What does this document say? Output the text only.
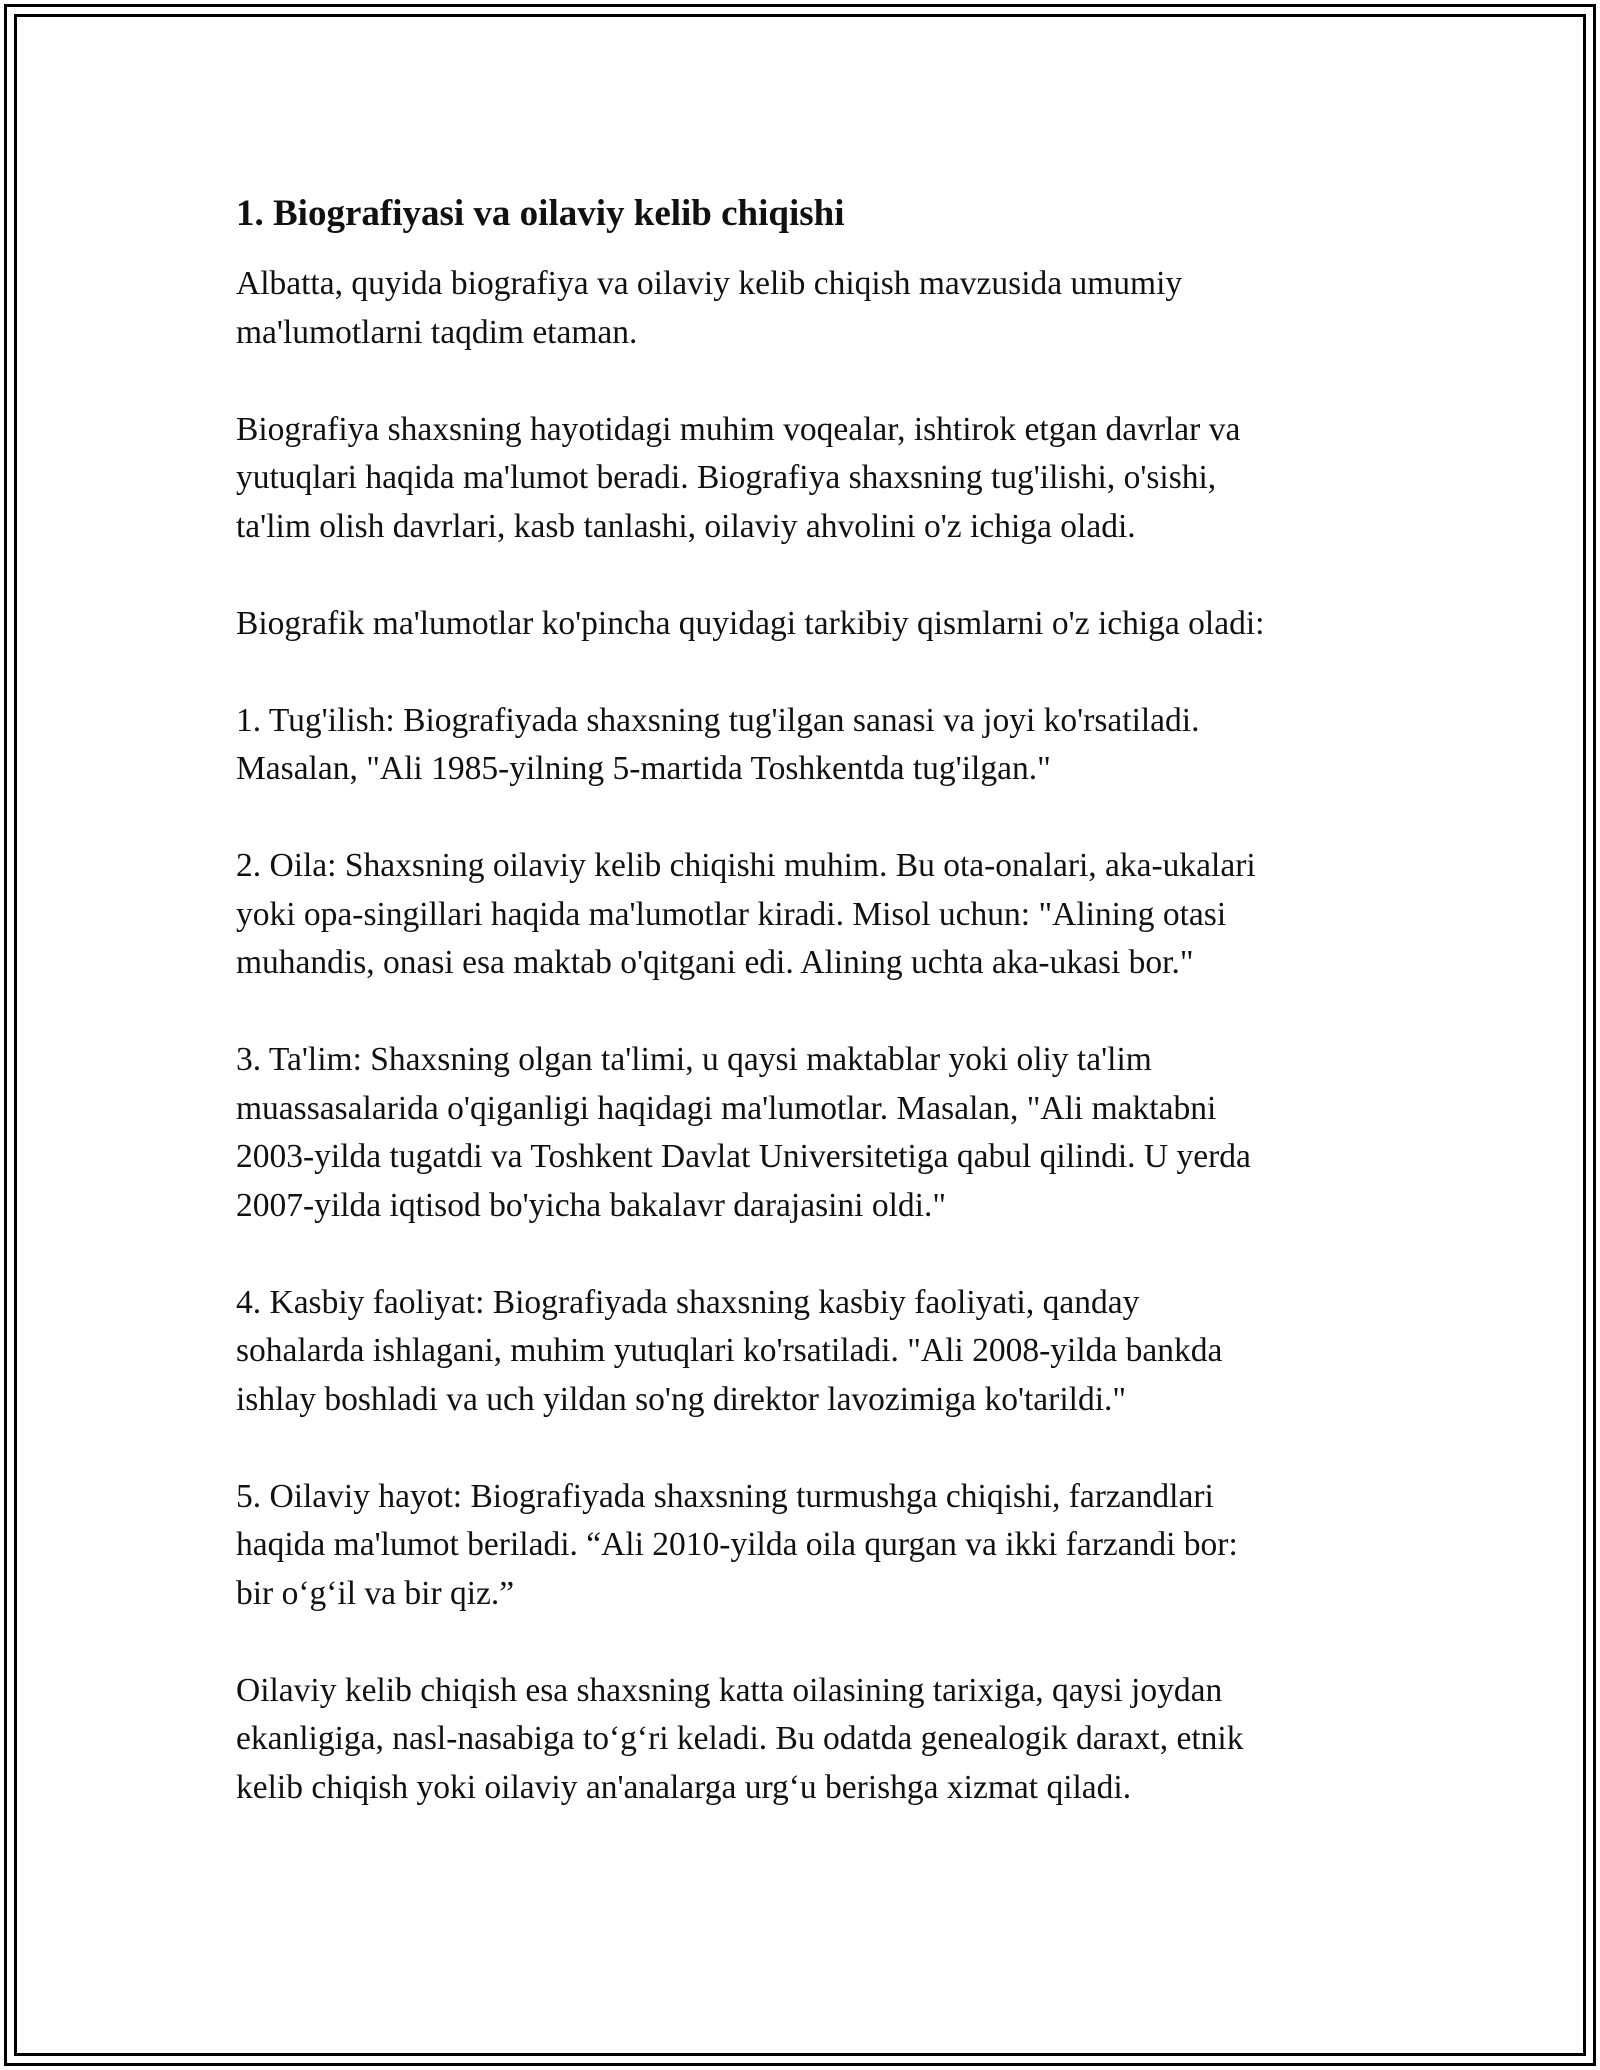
1. Biografiyasi va oilaviy kelib chiqishi

Albatta, quyida biografiya va oilaviy kelib chiqish mavzusida umumiy
ma'lumotlarni taqdim etaman.

Biografiya shaxsning hayotidagi muhim voqealar, ishtirok etgan davrlar va
yutuqlari haqida ma'lumot beradi. Biografiya shaxsning tug'ilishi, o'sishi,
ta'lim olish davrlari, kasb tanlashi, oilaviy ahvolini o'z ichiga oladi.

Biografik ma'lumotlar ko'pincha quyidagi tarkibiy qismlarni o'z ichiga oladi:

1. Tug'ilish: Biografiyada shaxsning tug'ilgan sanasi va joyi ko'rsatiladi.
Masalan, "Ali 1985-yilning 5-martida Toshkentda tug'ilgan."

2. Oila: Shaxsning oilaviy kelib chiqishi muhim. Bu ota-onalari, aka-ukalari
yoki opa-singillari haqida ma'lumotlar kiradi. Misol uchun: "Alining otasi
muhandis, onasi esa maktab o'qitgani edi. Alining uchta aka-ukasi bor."

3. Ta'lim: Shaxsning olgan ta'limi, u qaysi maktablar yoki oliy ta'lim
muassasalarida o'qiganligi haqidagi ma'lumotlar. Masalan, "Ali maktabni
2003-yilda tugatdi va Toshkent Davlat Universitetiga qabul qilindi. U yerda
2007-yilda iqtisod bo'yicha bakalavr darajasini oldi."

4. Kasbiy faoliyat: Biografiyada shaxsning kasbiy faoliyati, qanday
sohalarda ishlagani, muhim yutuqlari ko'rsatiladi. "Ali 2008-yilda bankda
ishlay boshladi va uch yildan so'ng direktor lavozimiga ko'tarildi."

5. Oilaviy hayot: Biografiyada shaxsning turmushga chiqishi, farzandlari
haqida ma'lumot beriladi. “Ali 2010-yilda oila qurgan va ikki farzandi bor:
bir o‘g‘il va bir qiz.”

Oilaviy kelib chiqish esa shaxsning katta oilasining tarixiga, qaysi joydan
ekanligiga, nasl-nasabiga to‘g‘ri keladi. Bu odatda genealogik daraxt, etnik
kelib chiqish yoki oilaviy an'analarga urg‘u berishga xizmat qiladi.
